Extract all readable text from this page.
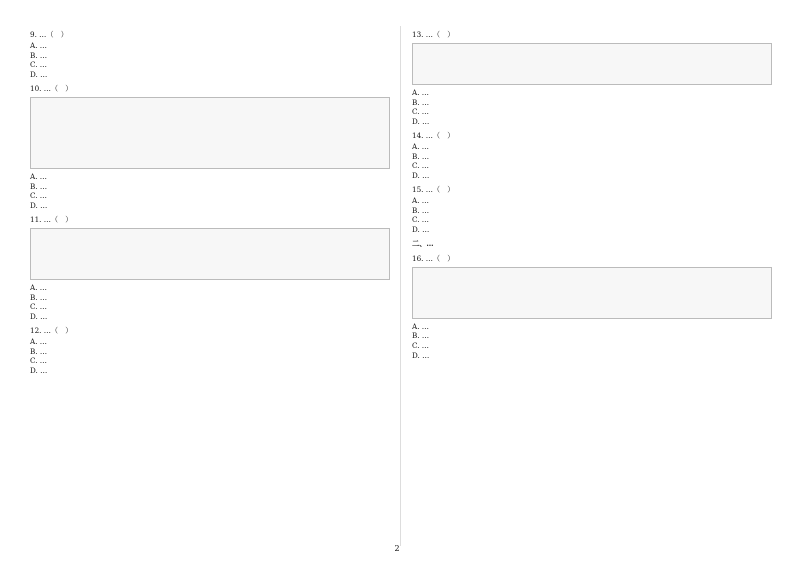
9. …（　）
A. …
B. …
C. …
D. …
10. …（　）
A. …
B. …
C. …
D. …
11. …（　）
A. …
B. …
C. …
D. …
12. …（　）
A. …
B. …
C. …
D. …
13. …（　）
A. …
B. …
C. …
D. …
14. …（　）
A. …
B. …
C. …
D. …
15. …（　）
A. …
B. …
C. …
D. …
二、…
16. …（　）
A. …
B. …
C. …
D. …
2
